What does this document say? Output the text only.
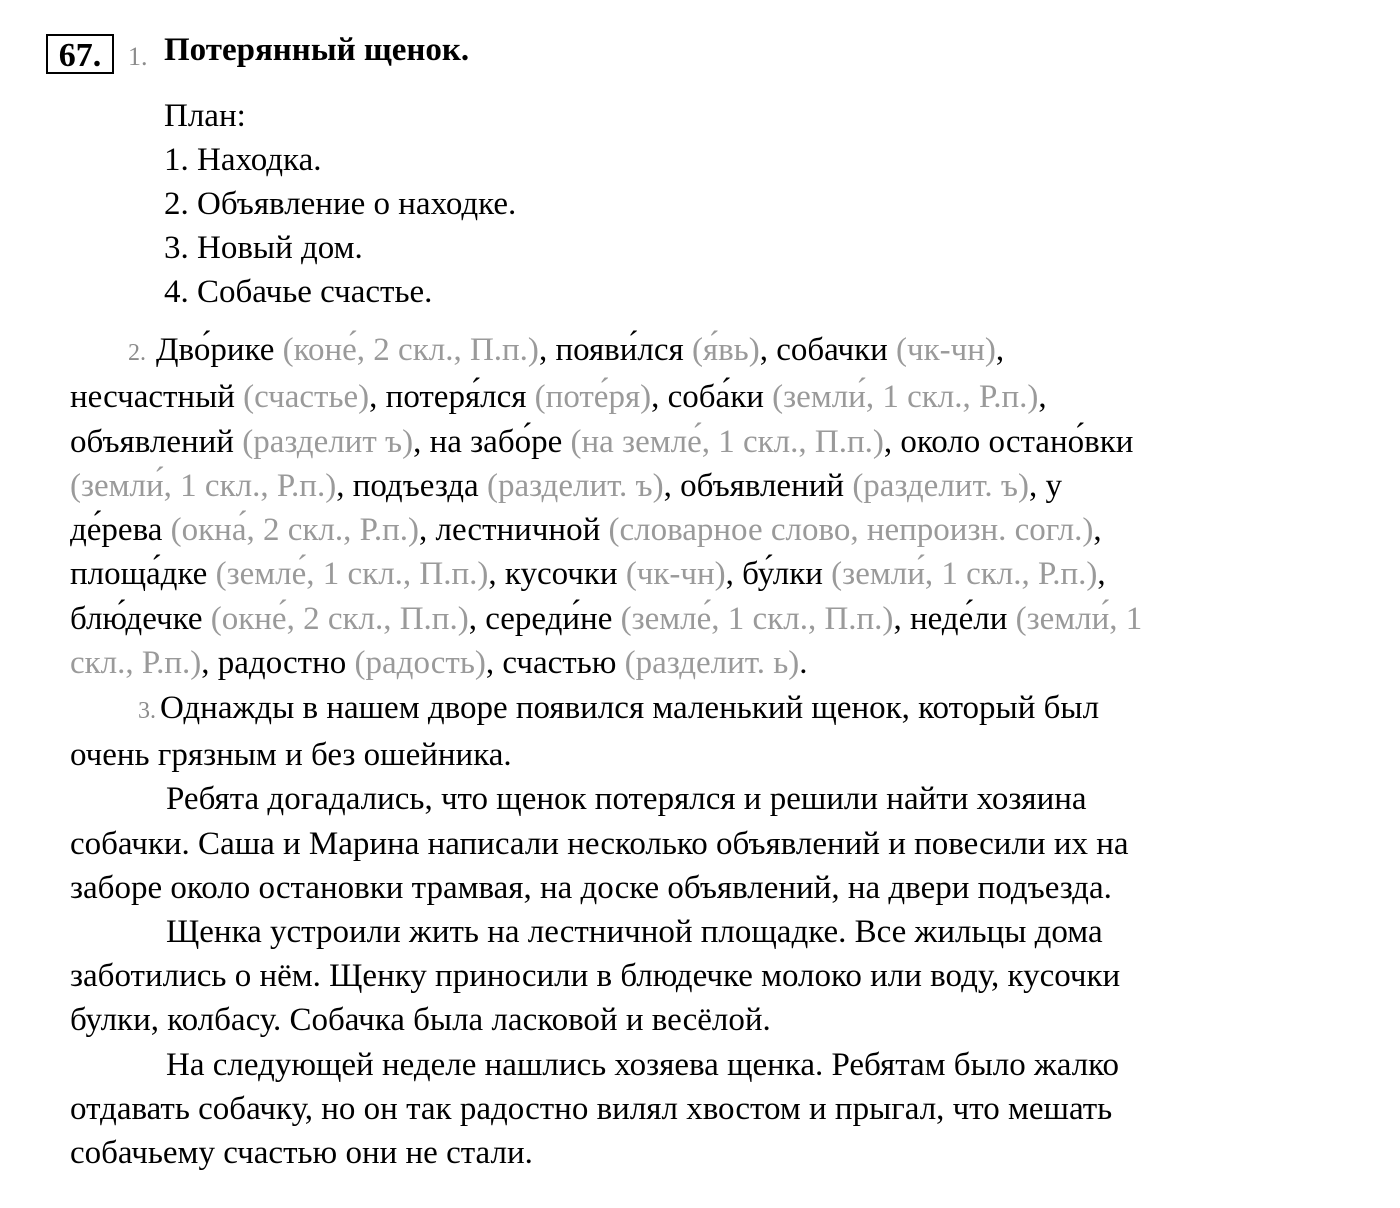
67.	1. Потерянный щенок.
План:
1. Находка.
2. Объявление о находке.
3. Новый дом.
4. Собачье счастье.
2. Дво́рике (коне́, 2 скл., П.п.), появи́лся (я́вь), собачки (чк-чн),
несчастный (счастье), потеря́лся (поте́ря), соба́ки (земли́, 1 скл., Р.п.),
объявлений (разделит ъ), на забо́ре (на земле́, 1 скл., П.п.), около остано́вки
(земли́, 1 скл., Р.п.), подъезда (разделит. ъ), объявлений (разделит. ъ), у
де́рева (окна́, 2 скл., Р.п.), лестничной (словарное слово, непроизн. согл.),
площа́дке (земле́, 1 скл., П.п.), кусочки (чк-чн), бу́лки (земли́, 1 скл., Р.п.),
блю́дечке (окне́, 2 скл., П.п.), середи́не (земле́, 1 скл., П.п.), неде́ли (земли́, 1
скл., Р.п.), радостно (радость), счастью (разделит. ь).
3. Однажды в нашем дворе появился маленький щенок, который был
очень грязным и без ошейника.
Ребята догадались, что щенок потерялся и решили найти хозяина
собачки. Саша и Марина написали несколько объявлений и повесили их на
заборе около остановки трамвая, на доске объявлений, на двери подъезда.
Щенка устроили жить на лестничной площадке. Все жильцы дома
заботились о нём. Щенку приносили в блюдечке молоко или воду, кусочки
булки, колбасу. Собачка была ласковой и весёлой.
На следующей неделе нашлись хозяева щенка. Ребятам было жалко
отдавать собачку, но он так радостно вилял хвостом и прыгал, что мешать
собачьему счастью они не стали.
